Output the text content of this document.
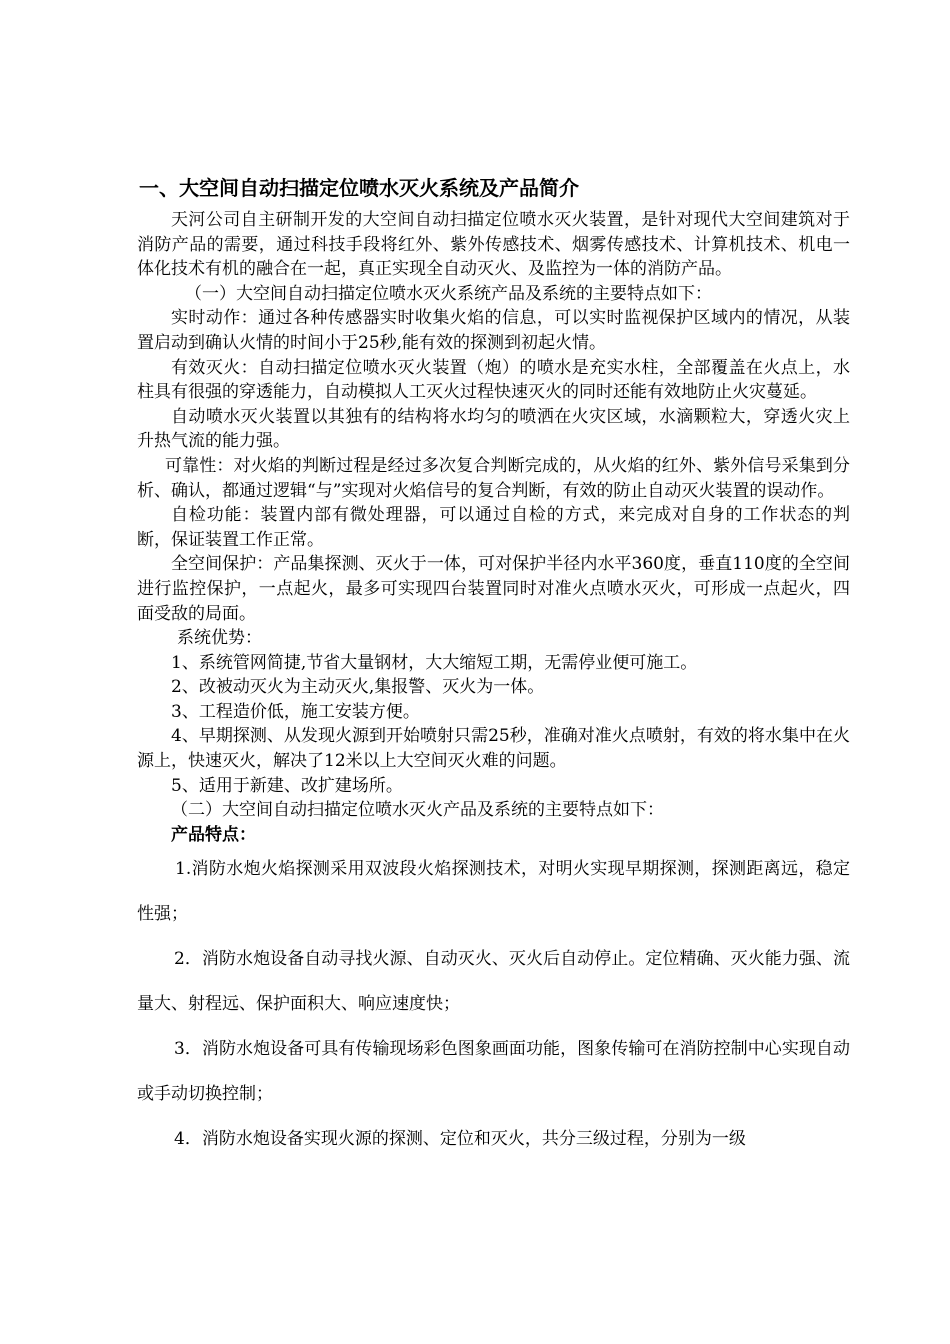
一、大空间自动扫描定位喷水灭火系统及产品简介

天河公司自主研制开发的大空间自动扫描定位喷水灭火装置，是针对现代大空间建筑对于消防产品的需要，通过科技手段将红外、紫外传感技术、烟雾传感技术、计算机技术、机电一体化技术有机的融合在一起，真正实现全自动灭火、及监控为一体的消防产品。

（一）大空间自动扫描定位喷水灭火系统产品及系统的主要特点如下：

实时动作：通过各种传感器实时收集火焰的信息，可以实时监视保护区域内的情况，从装置启动到确认火情的时间小于25秒,能有效的探测到初起火情。

有效灭火：自动扫描定位喷水灭火装置（炮）的喷水是充实水柱，全部覆盖在火点上，水柱具有很强的穿透能力，自动模拟人工灭火过程快速灭火的同时还能有效地防止火灾蔓延。

自动喷水灭火装置以其独有的结构将水均匀的喷洒在火灾区域，水滴颗粒大，穿透火灾上升热气流的能力强。

可靠性：对火焰的判断过程是经过多次复合判断完成的，从火焰的红外、紫外信号采集到分析、确认，都通过逻辑“与”实现对火焰信号的复合判断，有效的防止自动灭火装置的误动作。

自检功能：装置内部有微处理器，可以通过自检的方式，来完成对自身的工作状态的判断，保证装置工作正常。

全空间保护：产品集探测、灭火于一体，可对保护半径内水平360度，垂直110度的全空间进行监控保护，一点起火，最多可实现四台装置同时对准火点喷水灭火，可形成一点起火，四面受敌的局面。

系统优势：

1、系统管网简捷,节省大量钢材，大大缩短工期，无需停业便可施工。

2、改被动灭火为主动灭火,集报警、灭火为一体。

3、工程造价低，施工安装方便。

4、早期探测、从发现火源到开始喷射只需25秒，准确对准火点喷射，有效的将水集中在火源上，快速灭火，解决了12米以上大空间灭火难的问题。

5、适用于新建、改扩建场所。

（二）大空间自动扫描定位喷水灭火产品及系统的主要特点如下：

产品特点：

1.消防水炮火焰探测采用双波段火焰探测技术，对明火实现早期探测，探测距离远，稳定性强；

2．消防水炮设备自动寻找火源、自动灭火、灭火后自动停止。定位精确、灭火能力强、流量大、射程远、保护面积大、响应速度快；

3．消防水炮设备可具有传输现场彩色图象画面功能，图象传输可在消防控制中心实现自动或手动切换控制；

4．消防水炮设备实现火源的探测、定位和灭火，共分三级过程，分别为一级
